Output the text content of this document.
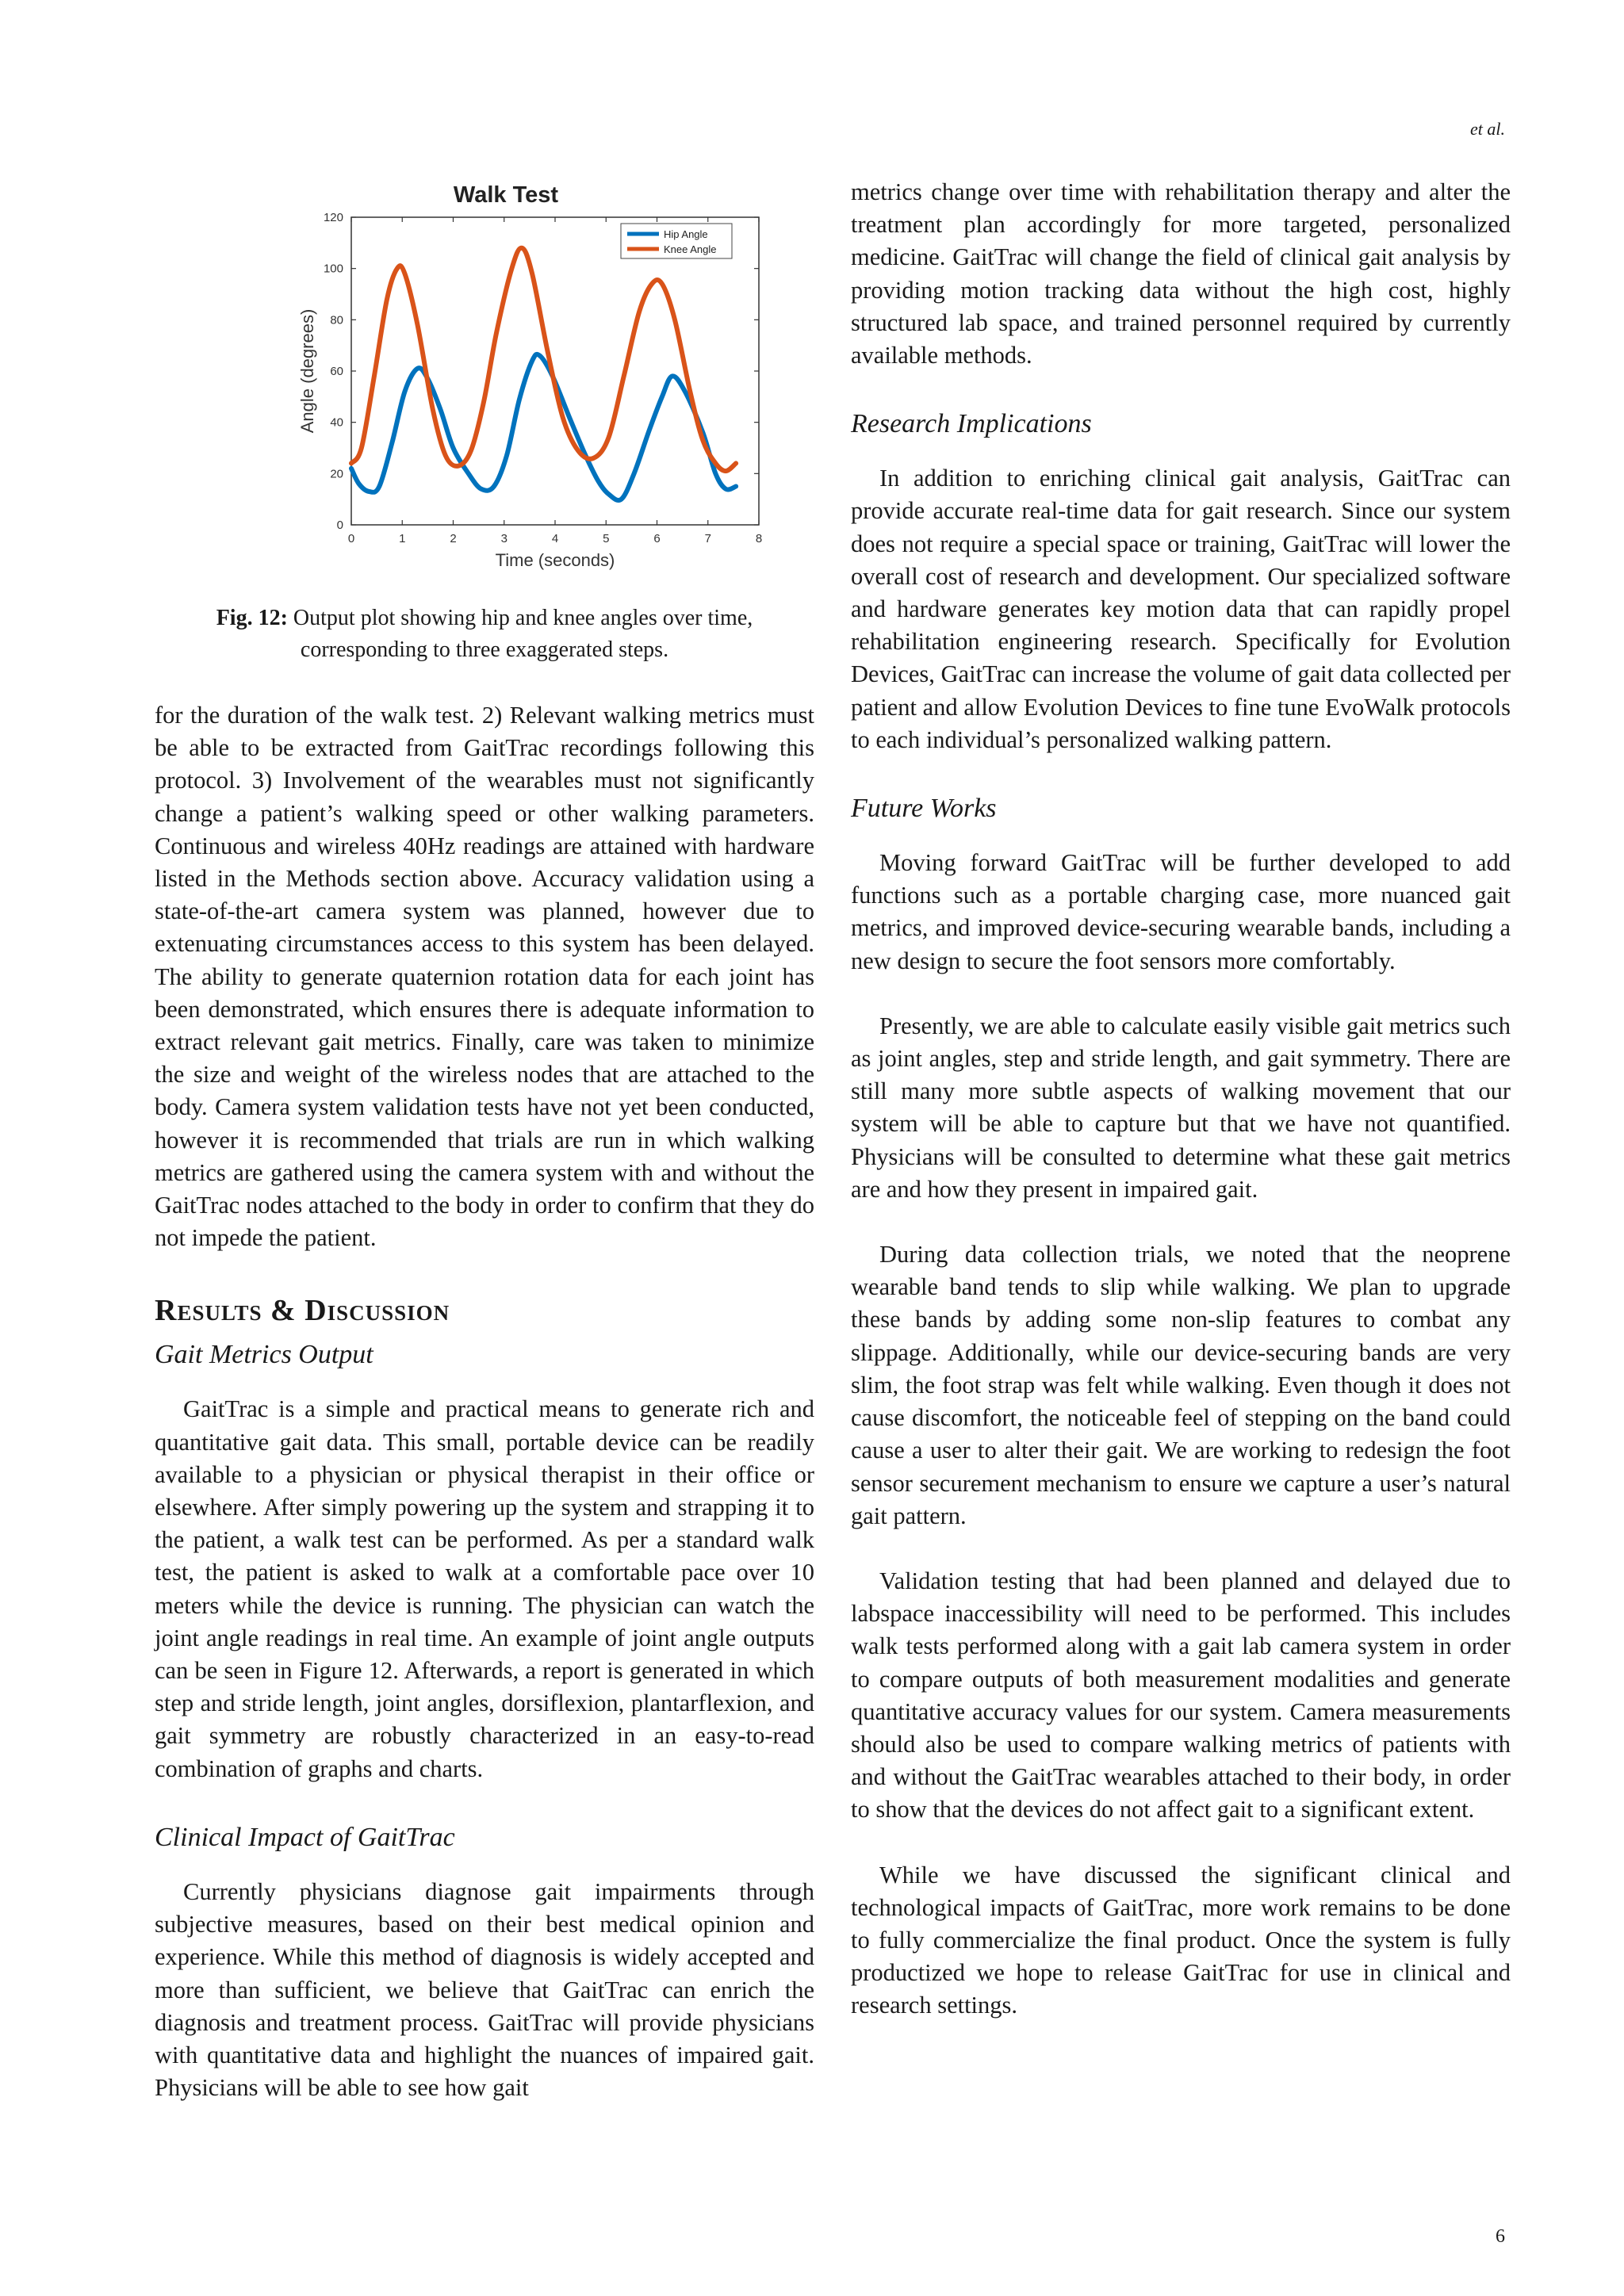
et al.
Walk Test
0	1	2	3	4	5	6	7	8
0
20
40
60
80
100
120
Hip Angle
Knee Angle
Time (seconds)
Angle (degrees)
Fig. 12: Output plot showing hip and knee angles over time,
corresponding to three exaggerated steps.

for the duration of the walk test. 2) Relevant walking metrics must be able to be extracted from GaitTrac recordings following this protocol. 3) Involvement of the wearables must not significantly change a patient’s walking speed or other walking parameters. Continuous and wireless 40Hz readings are attained with hardware listed in the Methods section above. Accuracy validation using a state-of-the-art camera system was planned, however due to extenuating circumstances access to this system has been delayed. The ability to generate quaternion rotation data for each joint has been demonstrated, which ensures there is adequate information to extract relevant gait metrics. Finally, care was taken to minimize the size and weight of the wireless nodes that are attached to the body. Camera system validation tests have not yet been conducted, however it is recommended that trials are run in which walking metrics are gathered using the camera system with and without the GaitTrac nodes attached to the body in order to confirm that they do not impede the patient.

Results & Discussion
Gait Metrics Output

GaitTrac is a simple and practical means to generate rich and quantitative gait data. This small, portable device can be readily available to a physician or physical therapist in their office or elsewhere. After simply powering up the system and strapping it to the patient, a walk test can be performed. As per a standard walk test, the patient is asked to walk at a comfortable pace over 10 meters while the device is running. The physician can watch the joint angle readings in real time. An example of joint angle outputs can be seen in Figure 12. Afterwards, a report is generated in which step and stride length, joint angles, dorsiflexion, plantarflexion, and gait symmetry are robustly characterized in an easy-to-read combination of graphs and charts.

Clinical Impact of GaitTrac

Currently physicians diagnose gait impairments through subjective measures, based on their best medical opinion and experience. While this method of diagnosis is widely accepted and more than sufficient, we believe that GaitTrac can enrich the diagnosis and treatment process. GaitTrac will provide physicians with quantitative data and highlight the nuances of impaired gait. Physicians will be able to see how gait

metrics change over time with rehabilitation therapy and alter the treatment plan accordingly for more targeted, personalized medicine. GaitTrac will change the field of clinical gait analysis by providing motion tracking data without the high cost, highly structured lab space, and trained personnel required by currently available methods.

Research Implications

In addition to enriching clinical gait analysis, GaitTrac can provide accurate real-time data for gait research. Since our system does not require a special space or training, GaitTrac will lower the overall cost of research and development. Our specialized software and hardware generates key motion data that can rapidly propel rehabilitation engineering research. Specifically for Evolution Devices, GaitTrac can increase the volume of gait data collected per patient and allow Evolution Devices to fine tune EvoWalk protocols to each individual’s personalized walking pattern.

Future Works

Moving forward GaitTrac will be further developed to add functions such as a portable charging case, more nuanced gait metrics, and improved device-securing wearable bands, including a new design to secure the foot sensors more comfortably.

Presently, we are able to calculate easily visible gait metrics such as joint angles, step and stride length, and gait symmetry. There are still many more subtle aspects of walking movement that our system will be able to capture but that we have not quantified. Physicians will be consulted to determine what these gait metrics are and how they present in impaired gait.

During data collection trials, we noted that the neoprene wearable band tends to slip while walking. We plan to upgrade these bands by adding some non-slip features to combat any slippage. Additionally, while our device-securing bands are very slim, the foot strap was felt while walking. Even though it does not cause discomfort, the noticeable feel of stepping on the band could cause a user to alter their gait. We are working to redesign the foot sensor securement mechanism to ensure we capture a user’s natural gait pattern.

Validation testing that had been planned and delayed due to labspace inaccessibility will need to be performed. This includes walk tests performed along with a gait lab camera system in order to compare outputs of both measurement modalities and generate quantitative accuracy values for our system. Camera measurements should also be used to compare walking metrics of patients with and without the GaitTrac wearables attached to their body, in order to show that the devices do not affect gait to a significant extent.

While we have discussed the significant clinical and technological impacts of GaitTrac, more work remains to be done to fully commercialize the final product. Once the system is fully productized we hope to release GaitTrac for use in clinical and research settings.

6
